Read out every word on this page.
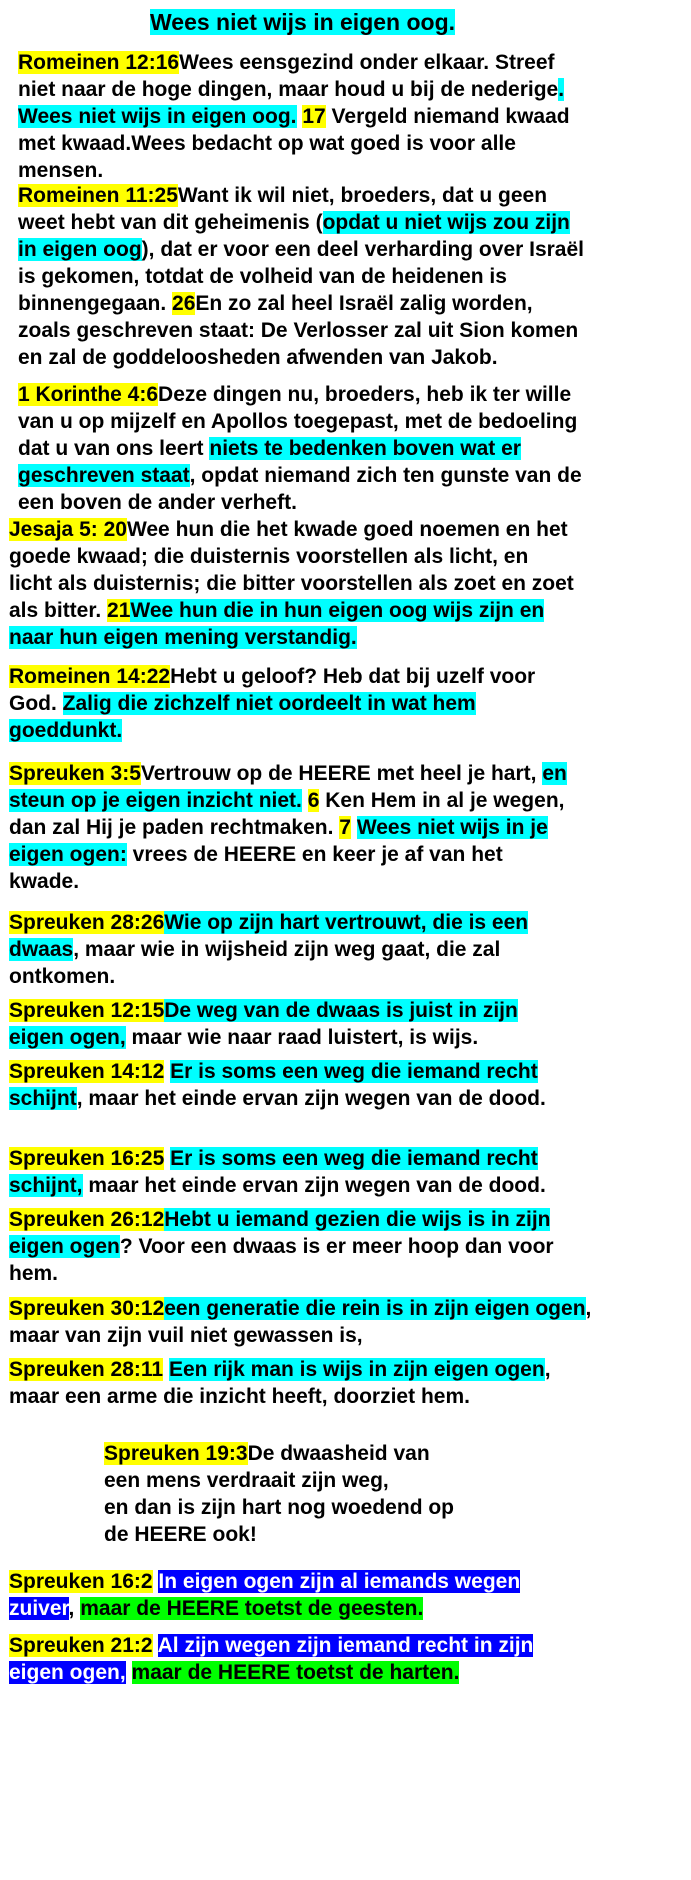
Wees niet wijs in eigen oog.
Romeinen 12:16Wees eensgezind onder elkaar. Streef
niet naar de hoge dingen, maar houd u bij de nederige.
Wees niet wijs in eigen oog. 17 Vergeld niemand kwaad
met kwaad.Wees bedacht op wat goed is voor alle
mensen.
Romeinen 11:25Want ik wil niet, broeders, dat u geen
weet hebt van dit geheimenis (opdat u niet wijs zou zijn
in eigen oog), dat er voor een deel verharding over Israël
is gekomen, totdat de volheid van de heidenen is
binnengegaan. 26En zo zal heel Israël zalig worden,
zoals geschreven staat: De Verlosser zal uit Sion komen
en zal de goddeloosheden afwenden van Jakob.
1 Korinthe 4:6Deze dingen nu, broeders, heb ik ter wille
van u op mijzelf en Apollos toegepast, met de bedoeling
dat u van ons leert niets te bedenken boven wat er
geschreven staat, opdat niemand zich ten gunste van de
een boven de ander verheft.
Jesaja 5: 20Wee hun die het kwade goed noemen en het
goede kwaad; die duisternis voorstellen als licht, en
licht als duisternis; die bitter voorstellen als zoet en zoet
als bitter. 21Wee hun die in hun eigen oog wijs zijn en
naar hun eigen mening verstandig.
Romeinen 14:22Hebt u geloof? Heb dat bij uzelf voor
God. Zalig die zichzelf niet oordeelt in wat hem
goeddunkt.
Spreuken 3:5Vertrouw op de HEERE met heel je hart, en
steun op je eigen inzicht niet. 6 Ken Hem in al je wegen,
dan zal Hij je paden rechtmaken. 7 Wees niet wijs in je
eigen ogen: vrees de HEERE en keer je af van het
kwade.
Spreuken 28:26Wie op zijn hart vertrouwt, die is een
dwaas, maar wie in wijsheid zijn weg gaat, die zal
ontkomen.
Spreuken 12:15De weg van de dwaas is juist in zijn
eigen ogen, maar wie naar raad luistert, is wijs.
Spreuken 14:12 Er is soms een weg die iemand recht
schijnt, maar het einde ervan zijn wegen van de dood.
Spreuken 16:25 Er is soms een weg die iemand recht
schijnt, maar het einde ervan zijn wegen van de dood.
Spreuken 26:12Hebt u iemand gezien die wijs is in zijn
eigen ogen? Voor een dwaas is er meer hoop dan voor
hem.
Spreuken 30:12een generatie die rein is in zijn eigen ogen,
maar van zijn vuil niet gewassen is,
Spreuken 28:11 Een rijk man is wijs in zijn eigen ogen,
maar een arme die inzicht heeft, doorziet hem.
Spreuken 19:3De dwaasheid van
een mens verdraait zijn weg,
en dan is zijn hart nog woedend op
de HEERE ook!
Spreuken 16:2 In eigen ogen zijn al iemands wegen
zuiver, maar de HEERE toetst de geesten.
Spreuken 21:2 Al zijn wegen zijn iemand recht in zijn
eigen ogen, maar de HEERE toetst de harten.
